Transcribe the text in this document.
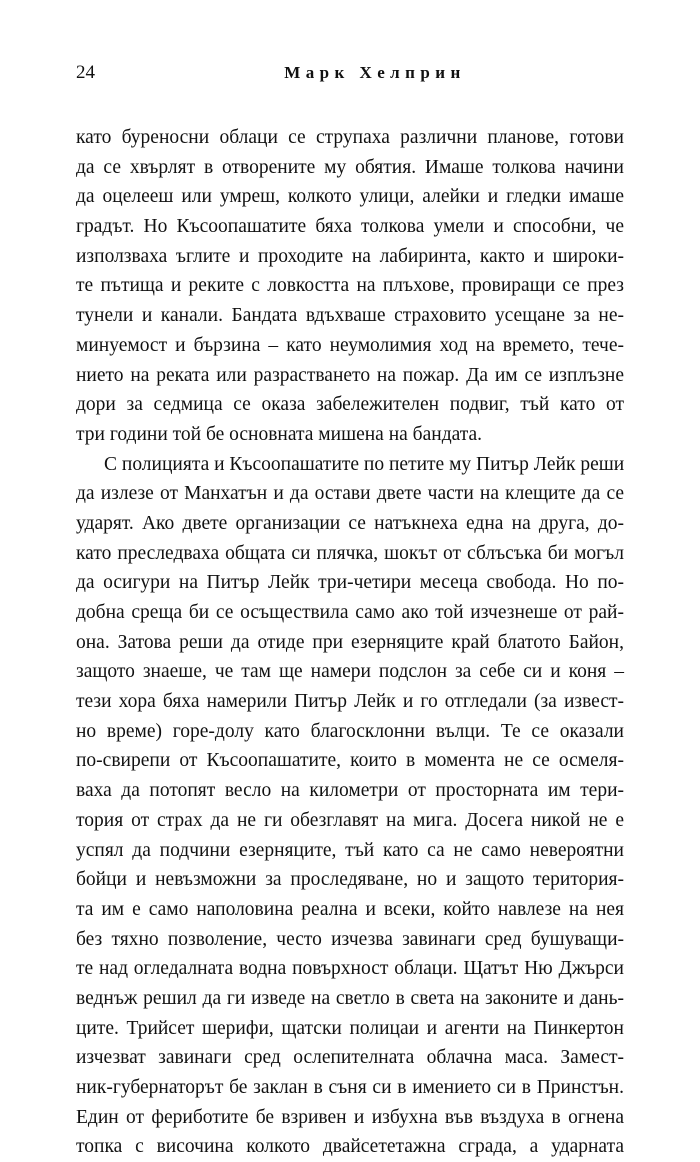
24	Марк Хелприн
като буреносни облаци се струпаха различни планове, готови
да се хвърлят в отворените му обятия. Имаше толкова начини
да оцелееш или умреш, колкото улици, алейки и гледки имаше
градът. Но Късоопашатите бяха толкова умели и способни, че
използваха ъглите и проходите на лабиринта, както и широки-
те пътища и реките с ловкостта на плъхове, провиращи се през
тунели и канали. Бандата вдъхваше страховито усещане за не-
минуемост и бързина – като неумолимия ход на времето, тече-
нието на реката или разрастването на пожар. Да им се изплъзне
дори за седмица се оказа забележителен подвиг, тъй като от
три години той бе основната мишена на бандата.
С полицията и Късоопашатите по петите му Питър Лейк реши
да излезе от Манхатън и да остави двете части на клещите да се
ударят. Ако двете организации се натъкнеха една на друга, до-
като преследваха общата си плячка, шокът от сблъсъка би могъл
да осигури на Питър Лейк три-четири месеца свобода. Но по-
добна среща би се осъществила само ако той изчезнеше от рай-
она. Затова реши да отиде при езерняците край блатото Байон,
защото знаеше, че там ще намери подслон за себе си и коня –
тези хора бяха намерили Питър Лейк и го отгледали (за извест-
но време) горе-долу като благосклонни вълци. Те се оказали
по-свирепи от Късоопашатите, които в момента не се осмеля-
ваха да потопят весло на километри от просторната им тери-
тория от страх да не ги обезглавят на мига. Досега никой не е
успял да подчини езерняците, тъй като са не само невероятни
бойци и невъзможни за проследяване, но и защото територия-
та им е само наполовина реална и всеки, който навлезе на нея
без тяхно позволение, често изчезва завинаги сред бушуващи-
те над огледалната водна повърхност облаци. Щатът Ню Джърси
веднъж решил да ги изведе на светло в света на законите и дань-
ците. Трийсет шерифи, щатски полицаи и агенти на Пинкертон
изчезват завинаги сред ослепителната облачна маса. Замест-
ник-губернаторът бе заклан в съня си в имението си в Принстън.
Един от фериботите бе взривен и избухна във въздуха в огнена
топка с височина колкото двайсететажна сграда, а ударната
